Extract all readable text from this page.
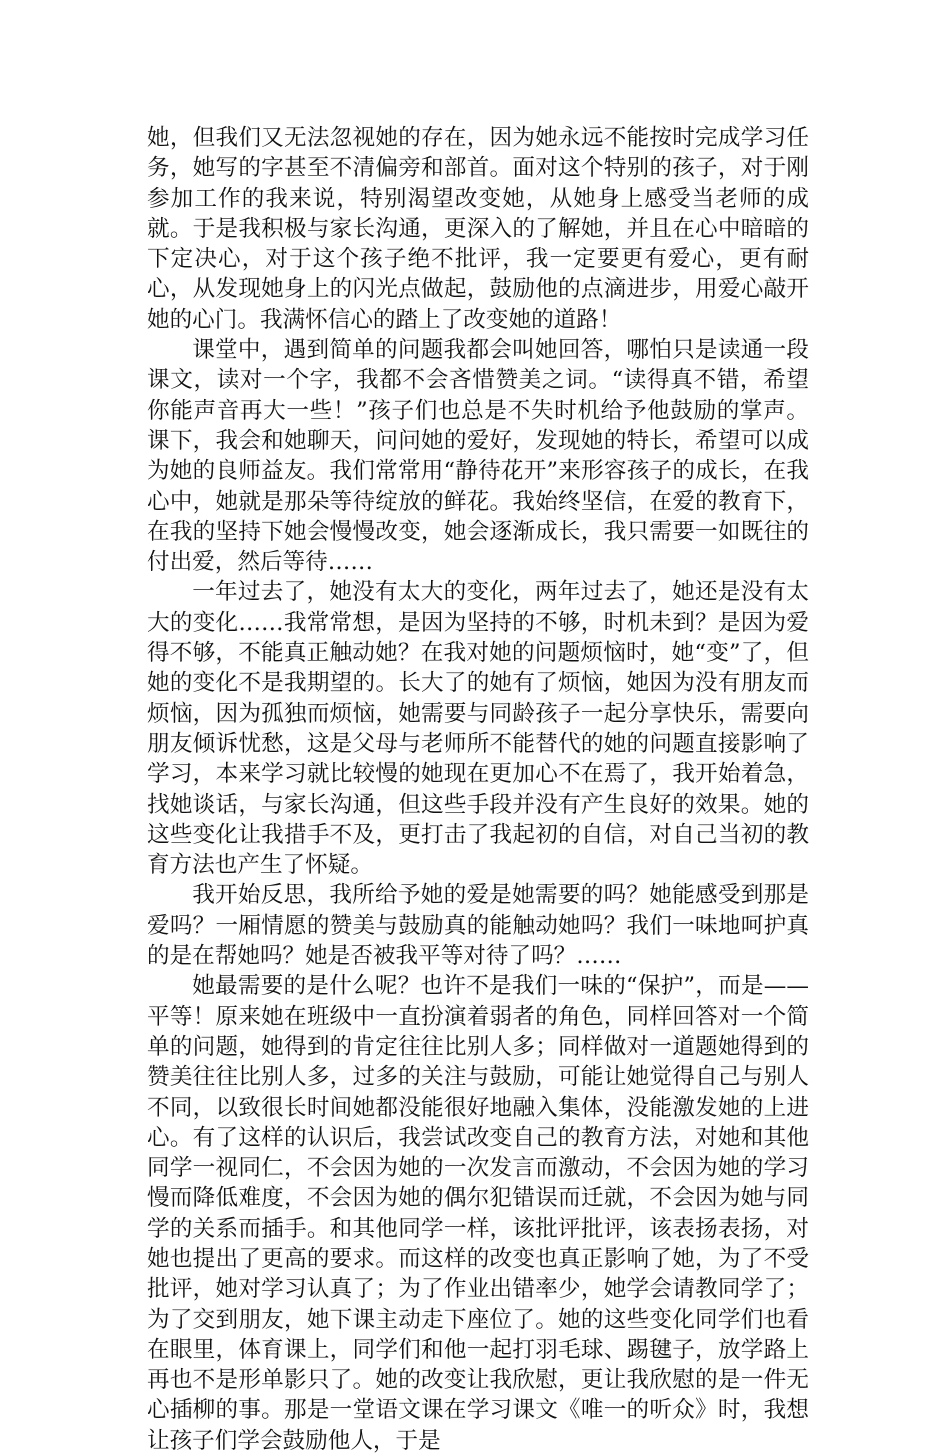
她，但我们又无法忽视她的存在，因为她永远不能按时完成学习任务，她写的字甚至不清偏旁和部首。面对这个特别的孩子，对于刚参加工作的我来说，特别渴望改变她，从她身上感受当老师的成就。于是我积极与家长沟通，更深入的了解她，并且在心中暗暗的下定决心，对于这个孩子绝不批评，我一定要更有爱心，更有耐心，从发现她身上的闪光点做起，鼓励他的点滴进步，用爱心敲开她的心门。我满怀信心的踏上了改变她的道路！

课堂中，遇到简单的问题我都会叫她回答，哪怕只是读通一段课文，读对一个字，我都不会吝惜赞美之词。“读得真不错，希望你能声音再大一些！”孩子们也总是不失时机给予他鼓励的掌声。课下，我会和她聊天，问问她的爱好，发现她的特长，希望可以成为她的良师益友。我们常常用“静待花开”来形容孩子的成长，在我心中，她就是那朵等待绽放的鲜花。我始终坚信，在爱的教育下，在我的坚持下她会慢慢改变，她会逐渐成长，我只需要一如既往的付出爱，然后等待……

一年过去了，她没有太大的变化，两年过去了，她还是没有太大的变化……我常常想，是因为坚持的不够，时机未到？是因为爱得不够，不能真正触动她？在我对她的问题烦恼时，她“变”了，但她的变化不是我期望的。长大了的她有了烦恼，她因为没有朋友而烦恼，因为孤独而烦恼，她需要与同龄孩子一起分享快乐，需要向朋友倾诉忧愁，这是父母与老师所不能替代的她的问题直接影响了学习，本来学习就比较慢的她现在更加心不在焉了，我开始着急，找她谈话，与家长沟通，但这些手段并没有产生良好的效果。她的这些变化让我措手不及，更打击了我起初的自信，对自己当初的教育方法也产生了怀疑。

我开始反思，我所给予她的爱是她需要的吗？她能感受到那是爱吗？一厢情愿的赞美与鼓励真的能触动她吗？我们一味地呵护真的是在帮她吗？她是否被我平等对待了吗？……

她最需要的是什么呢？也许不是我们一味的“保护”，而是——平等！原来她在班级中一直扮演着弱者的角色，同样回答对一个简单的问题，她得到的肯定往往比别人多；同样做对一道题她得到的赞美往往比别人多，过多的关注与鼓励，可能让她觉得自己与别人不同，以致很长时间她都没能很好地融入集体，没能激发她的上进心。有了这样的认识后，我尝试改变自己的教育方法，对她和其他同学一视同仁，不会因为她的一次发言而激动，不会因为她的学习慢而降低难度，不会因为她的偶尔犯错误而迁就，不会因为她与同学的关系而插手。和其他同学一样，该批评批评，该表扬表扬，对她也提出了更高的要求。而这样的改变也真正影响了她，为了不受批评，她对学习认真了；为了作业出错率少，她学会请教同学了；为了交到朋友，她下课主动走下座位了。她的这些变化同学们也看在眼里，体育课上，同学们和他一起打羽毛球、踢毽子，放学路上再也不是形单影只了。她的改变让我欣慰，更让我欣慰的是一件无心插柳的事。那是一堂语文课在学习课文《唯一的听众》时，我想让孩子们学会鼓励他人，于是
